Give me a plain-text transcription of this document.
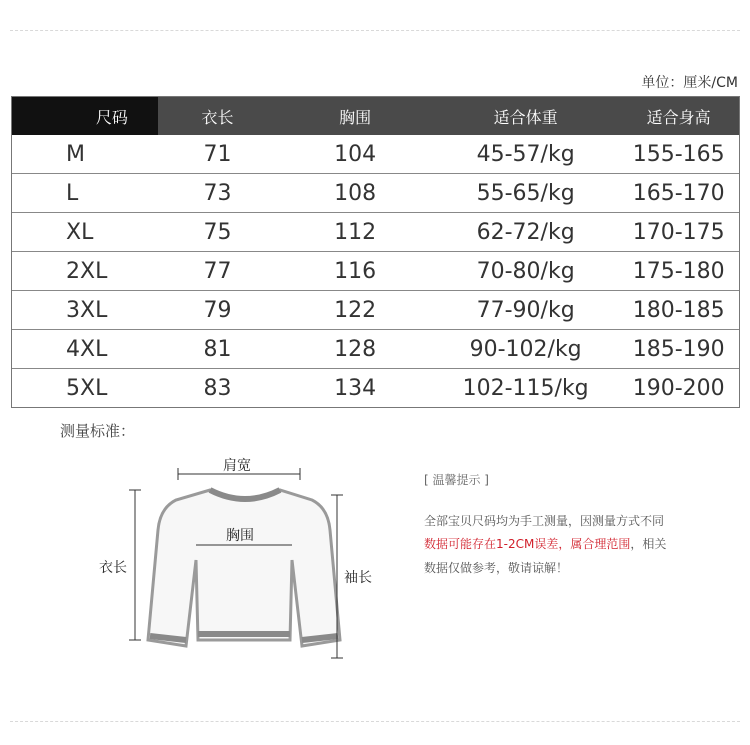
单位：厘米/CM
尺码	衣长	胸围	适合体重	适合身高
M	71	104	45-57/kg	155-165
L	73	108	55-65/kg	165-170
XL	75	112	62-72/kg	170-175
2XL	77	116	70-80/kg	175-180
3XL	79	122	77-90/kg	180-185
4XL	81	128	90-102/kg	185-190
5XL	83	134	102-115/kg	190-200
测量标准：
肩宽
胸围
衣长
袖长
[ 温馨提示 ]
全部宝贝尺码均为手工测量，因测量方式不同
数据可能存在1-2CM误差，属合理范围，相关
数据仅做参考，敬请谅解！
